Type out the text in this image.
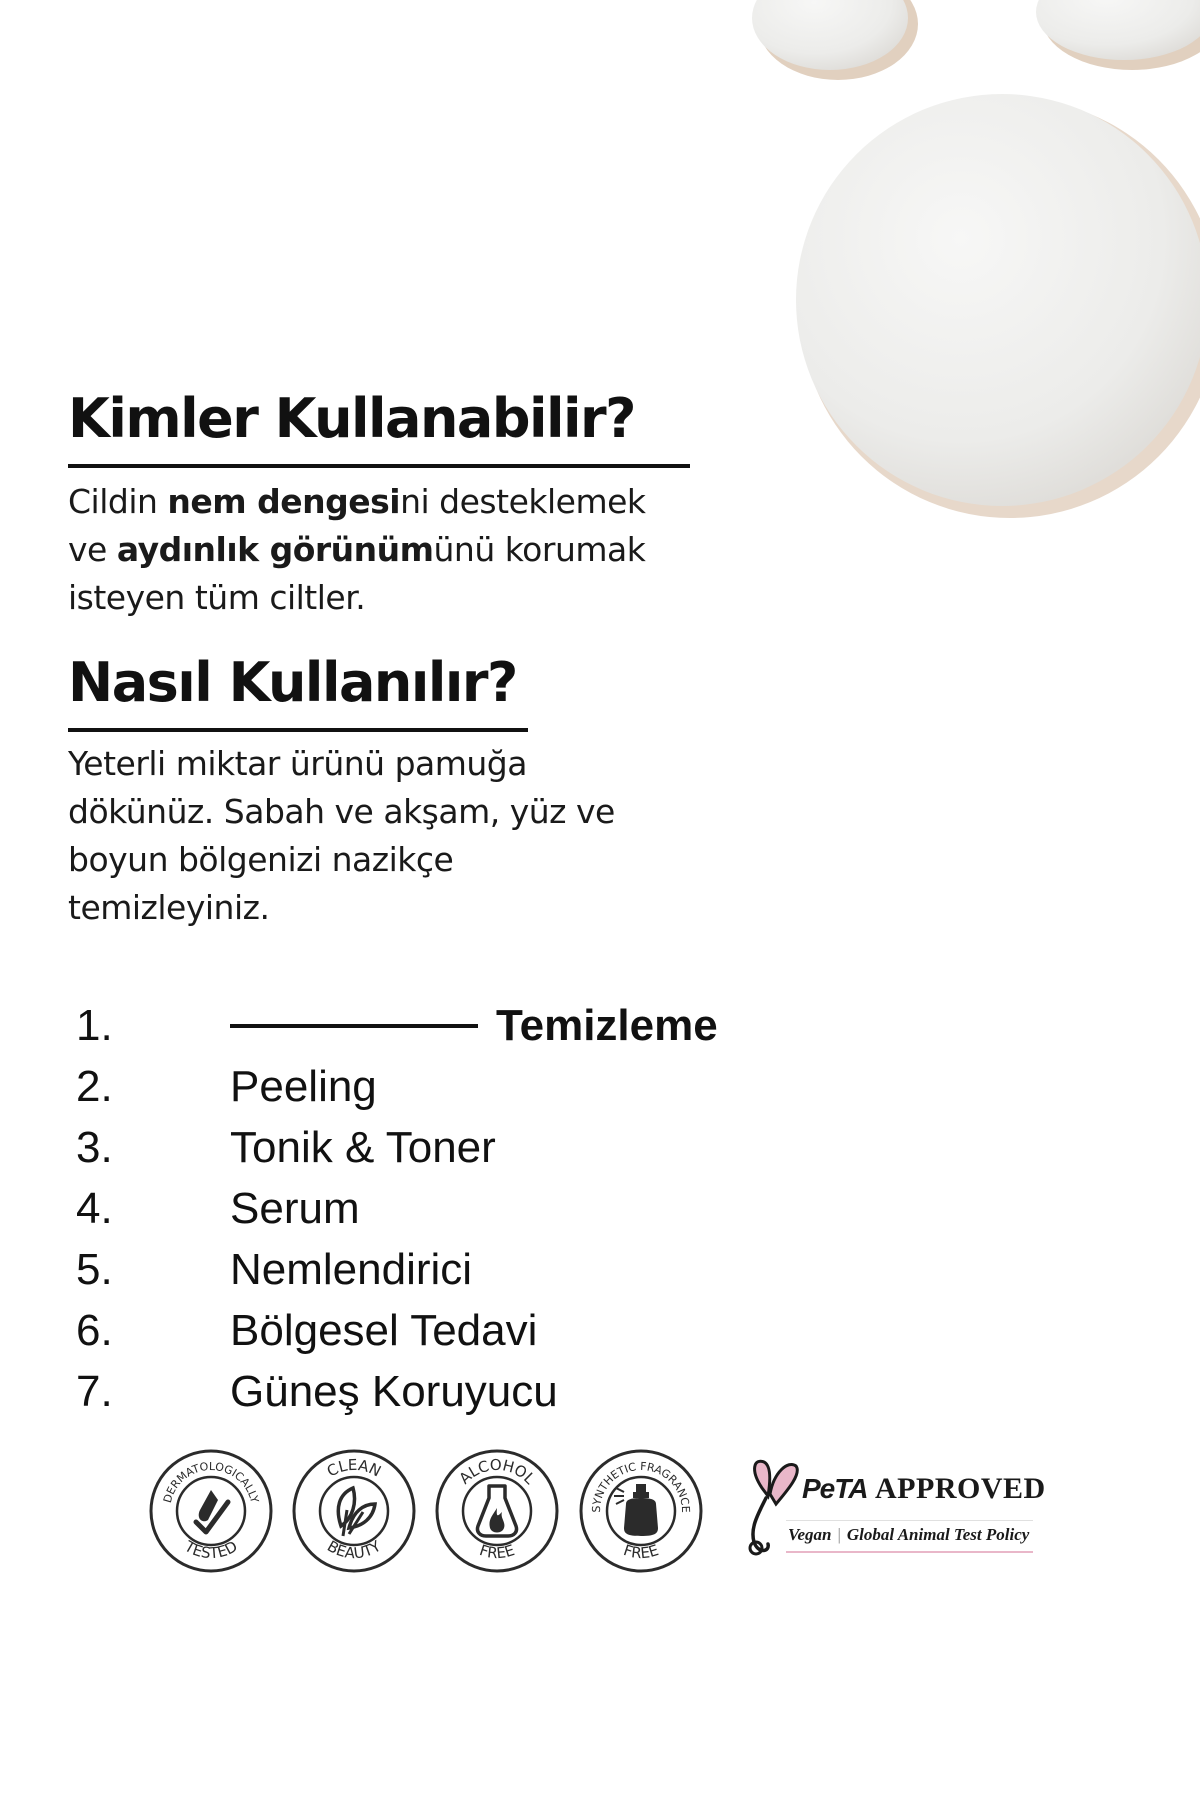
Kimler Kullanabilir?

Cildin nem dengesini desteklemek
ve aydınlık görünümünü korumak
isteyen tüm ciltler.

Nasıl Kullanılır?

Yeterli miktar ürünü pamuğa
dökünüz. Sabah ve akşam, yüz ve
boyun bölgenizi nazikçe
temizleyiniz.

1.	Temizleme
2.	Peeling
3.	Tonik & Toner
4.	Serum
5.	Nemlendirici
6.	Bölgesel Tedavi
7.	Güneş Koruyucu
DERMATOLOGICALLY
TESTED
CLEAN
BEAUTY
ALCOHOL
FREE
SYNTHETIC FRAGRANCE
FREE
PeTA APPROVED
Vegan | Global Animal Test Policy
